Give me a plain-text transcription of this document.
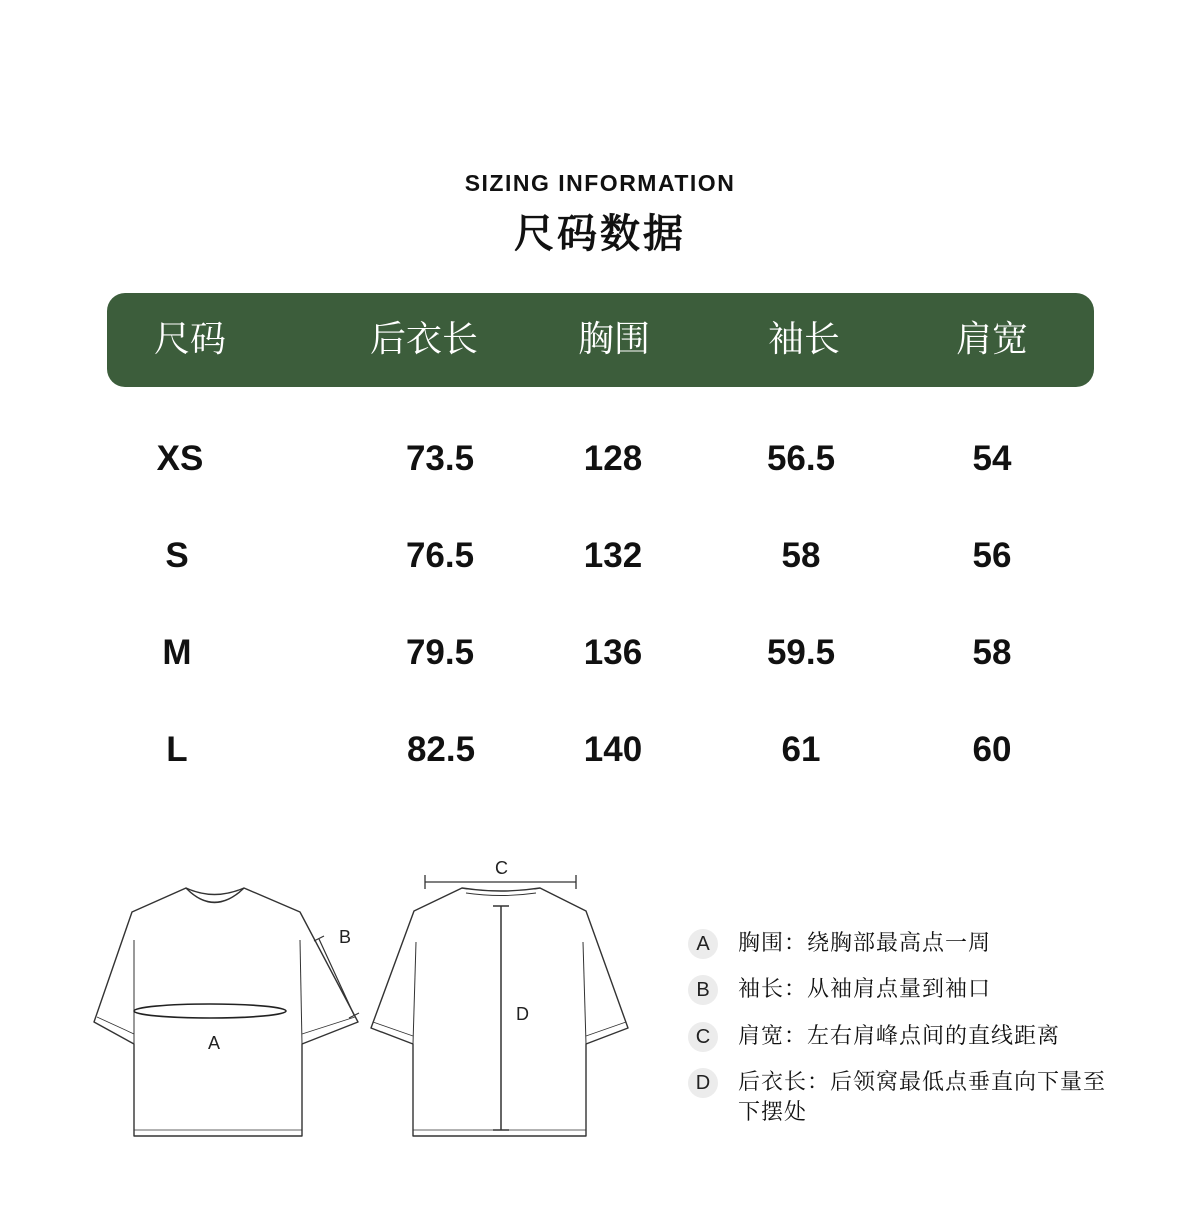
SIZING INFORMATION
尺码数据
尺码	后衣长	胸围	袖长	肩宽
XS	73.5	128	56.5	54
S	76.5	132	58	56
M	79.5	136	59.5	58
L	82.5	140	61	60
A
B
C
D
A	胸围：绕胸部最高点一周
B	袖长：从袖肩点量到袖口
C	肩宽：左右肩峰点间的直线距离
D	后衣长：后领窝最低点垂直向下量至下摆处
